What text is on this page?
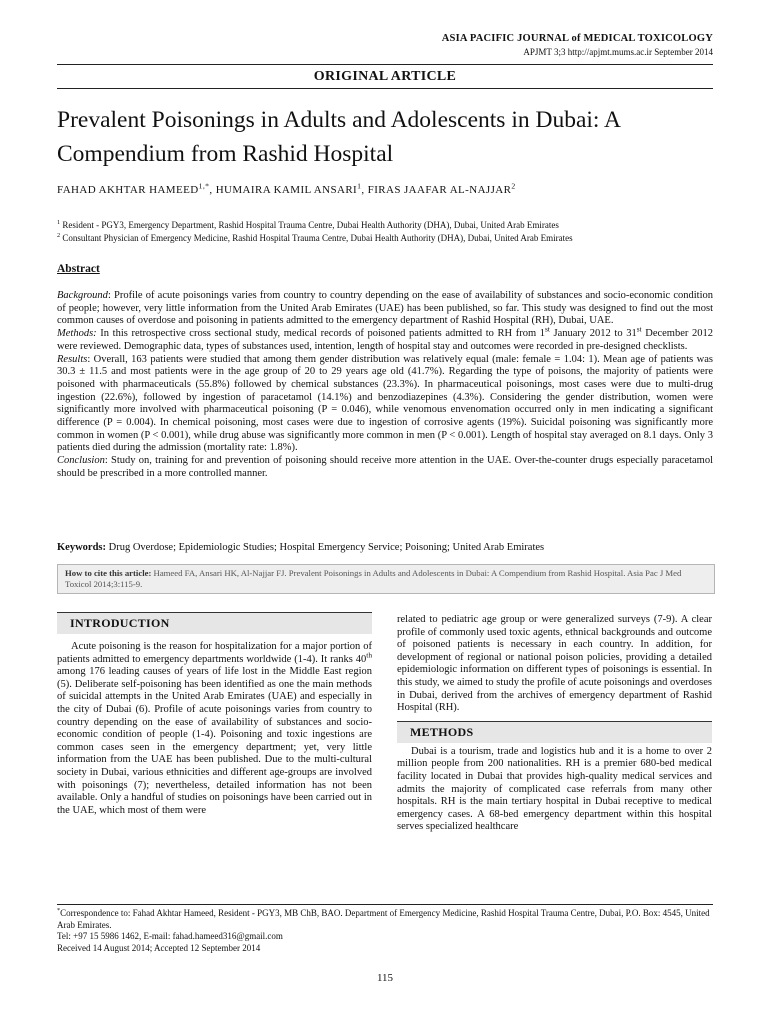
ASIA PACIFIC JOURNAL of MEDICAL TOXICOLOGY
APJMT 3;3 http://apjmt.mums.ac.ir September 2014
ORIGINAL ARTICLE
Prevalent Poisonings in Adults and Adolescents in Dubai: A Compendium from Rashid Hospital
FAHAD AKHTAR $HAMEED^{1,*}$, HUMAIRA KAMIL ANSARI$^1$, FIRAS JAAFAR AL-NAJJAR$^2$
$^1$ Resident - PGY3, Emergency Department, Rashid Hospital Trauma Centre, Dubai Health Authority (DHA), Dubai, United Arab Emirates
$^2$ Consultant Physician of Emergency Medicine, Rashid Hospital Trauma Centre, Dubai Health Authority (DHA), Dubai, United Arab Emirates
Abstract

Background: Profile of acute poisonings varies from country to country depending on the ease of availability of substances and socio-economic condition of people; however, very little information from the United Arab Emirates (UAE) has been published, so far. This study was designed to find out the most common causes of overdose and poisoning in patients admitted to the emergency department of Rashid Hospital (RH), Dubai, UAE.

Methods: In this retrospective cross sectional study, medical records of poisoned patients admitted to RH from 1st January 2012 to 31st December 2012 were reviewed. Demographic data, types of substances used, intention, length of hospital stay and outcomes were recorded in pre-designed checklists.

Results: Overall, 163 patients were studied that among them gender distribution was relatively equal (male: female = 1.04: 1). Mean age of patients was 30.3 ± 11.5 and most patients were in the age group of 20 to 29 years age old (41.7%). Regarding the type of poisons, the majority of patients were poisoned with pharmaceuticals (55.8%) followed by chemical substances (23.3%). In pharmaceutical poisonings, most cases were due to multi-drug ingestion (22.6%), followed by ingestion of paracetamol (14.1%) and benzodiazepines (4.3%). Considering the gender distribution, women were significantly more involved with pharmaceutical poisoning (P = 0.046), while venomous envenomation occurred only in men indicating a significant difference (P = 0.004). In chemical poisoning, most cases were due to ingestion of corrosive agents (19%). Suicidal poisoning was significantly more common in women (P < 0.001), while drug abuse was significantly more common in men (P < 0.001). Length of hospital stay averaged on 8.1 days. Only 3 patients died during the admission (mortality rate: 1.8%).

Conclusion: Study on, training for and prevention of poisoning should receive more attention in the UAE. Over-the-counter drugs especially paracetamol should be prescribed in a more controlled manner.

Keywords: Drug Overdose; Epidemiologic Studies; Hospital Emergency Service; Poisoning; United Arab Emirates
How to cite this article: Hameed FA, Ansari HK, Al-Najjar FJ. Prevalent Poisonings in Adults and Adolescents in Dubai: A Compendium from Rashid Hospital. Asia Pac J Med Toxicol 2014;3:115-9.
INTRODUCTION

Acute poisoning is the reason for hospitalization for a major portion of patients admitted to emergency departments worldwide (1-4). It ranks 40th among 176 leading causes of years of life lost in the Middle East region (5). Deliberate self-poisoning has been identified as one the main methods of suicidal attempts in the United Arab Emirates (UAE) and especially in the city of Dubai (6). Profile of acute poisonings varies from country to country depending on the ease of availability of substances and socio-economic condition of people (1-4). Poisoning and toxic ingestions are common cases seen in the emergency department; yet, very little information from the UAE has been published. Due to the multi-cultural society in Dubai, various ethnicities and different age-groups are involved with poisonings (7); nevertheless, detailed information has not been available. Only a handful of studies on poisonings have been carried out in the UAE, which most of them were

related to pediatric age group or were generalized surveys (7-9). A clear profile of commonly used toxic agents, ethnical backgrounds and outcome of poisoned patients is necessary in each country. In addition, for development of regional or national poison policies, providing a detailed epidemiologic information on different types of poisonings is essential. In this study, we aimed to study the profile of acute poisonings and overdoses in Dubai, derived from the archives of emergency department of Rashid Hospital (RH).

METHODS

Dubai is a tourism, trade and logistics hub and it is a home to over 2 million people from 200 nationalities. RH is a premier 680-bed medical facility located in Dubai that provides high-quality medical services and admits the majority of complicated case referrals from many other hospitals. RH is the main tertiary hospital in Dubai receptive to medical emergency cases. A 68-bed emergency department within this hospital serves specialized healthcare

*Correspondence to: Fahad Akhtar Hameed, Resident - PGY3, MB ChB, BAO. Department of Emergency Medicine, Rashid Hospital Trauma Centre, Dubai, P.O. Box: 4545, United Arab Emirates.
Tel: +97 15 5986 1462, E-mail: fahad.hameed316@gmail.com
Received 14 August 2014; Accepted 12 September 2014
115
